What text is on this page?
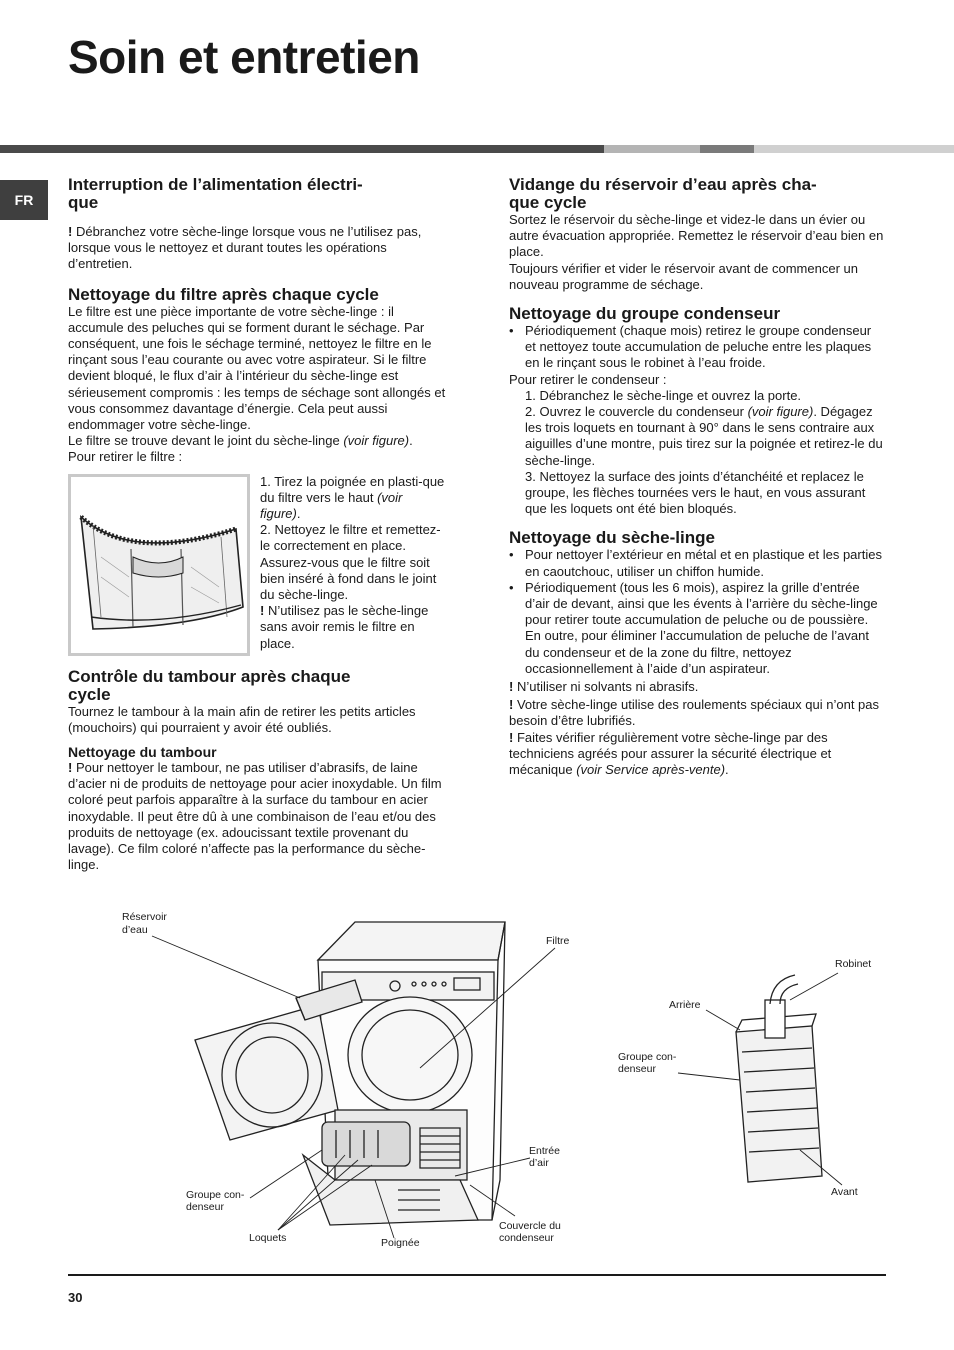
Soin et entretien
FR
Interruption de l’alimentation électri-
que

! Débranchez votre sèche-linge lorsque vous ne l’utilisez pas, lorsque vous le nettoyez et durant toutes les opérations d’entretien.

Nettoyage du filtre après chaque cycle

Le filtre est une pièce importante de votre sèche-linge : il accumule des peluches qui se forment durant le séchage. Par conséquent, une fois le séchage terminé, nettoyez le filtre en le rinçant sous l’eau courante ou avec votre aspirateur. Si le filtre devient bloqué, le flux d’air à l’intérieur du sèche-linge est sérieusement compromis : les temps de séchage sont allongés et vous consommez davantage d’énergie. Cela peut aussi endommager votre sèche-linge.

Le filtre se trouve devant le joint du sèche-linge (voir figure).

Pour retirer le filtre :

1. Tirez la poignée en plasti-que du filtre vers le haut (voir figure).

2. Nettoyez le filtre et remettez-le correctement en place. Assurez-vous que le filtre soit bien inséré à fond dans le joint du sèche-linge.

! N’utilisez pas le sèche-linge sans avoir remis le filtre en place.

Contrôle du tambour après chaque
cycle

Tournez le tambour à la main afin de retirer les petits articles (mouchoirs) qui pourraient y avoir été oubliés.

Nettoyage du tambour

! Pour nettoyer le tambour, ne pas utiliser d’abrasifs, de laine d’acier ni de produits de nettoyage pour acier inoxydable. Un film coloré peut parfois apparaître à la surface du tambour en acier inoxydable. Il peut être dû à une combinaison de l’eau et/ou des produits de nettoyage (ex. adoucissant textile provenant du lavage). Ce film coloré n’affecte pas la performance du sèche-linge.

Vidange du réservoir d’eau après cha-
que cycle

Sortez le réservoir du sèche-linge et videz-le dans un évier ou autre évacuation appropriée. Remettez le réservoir d’eau bien en place.

Toujours vérifier et vider le réservoir avant de commencer un nouveau programme de séchage.

Nettoyage du groupe condenseur
• Périodiquement (chaque mois) retirez le groupe condenseur et nettoyez toute accumulation de peluche entre les plaques en le rinçant sous le robinet à l’eau froide.

Pour retirer le condenseur :

1. Débranchez le sèche-linge et ouvrez la porte.
2. Ouvrez le couvercle du condenseur (voir figure). Dégagez les trois loquets en tournant à 90° dans le sens contraire aux aiguilles d’une montre, puis tirez sur la poignée et retirez-le du sèche-linge.
3. Nettoyez la surface des joints d’étanchéité et replacez le groupe, les flèches tournées vers le haut, en vous assurant que les loquets ont été bien bloqués.
Nettoyage du sèche-linge
• Pour nettoyer l’extérieur en métal et en plastique et les parties en caoutchouc, utiliser un chiffon humide.
• Périodiquement (tous les 6 mois), aspirez la grille d’entrée d’air de devant, ainsi que les évents à l’arrière du sèche-linge pour retirer toute accumulation de peluche ou de poussière. En outre, pour éliminer l’accumulation de peluche de l’avant du condenseur et de la zone du filtre, nettoyez occasionnellement à l’aide d’un aspirateur.

! N’utiliser ni solvants ni abrasifs.

! Votre sèche-linge utilise des roulements spéciaux qui n’ont pas besoin d’être lubrifiés.

! Faites vérifier régulièrement votre sèche-linge par des techniciens agréés pour assurer la sécurité électrique et mécanique (voir Service après-vente).

Réservoir
d’eau
Filtre
Robinet
Arrière
Groupe con-
denseur
Entrée
d’air
Groupe con-
denseur
Avant
Loquets	Poignée
Couvercle du
condenseur
30
